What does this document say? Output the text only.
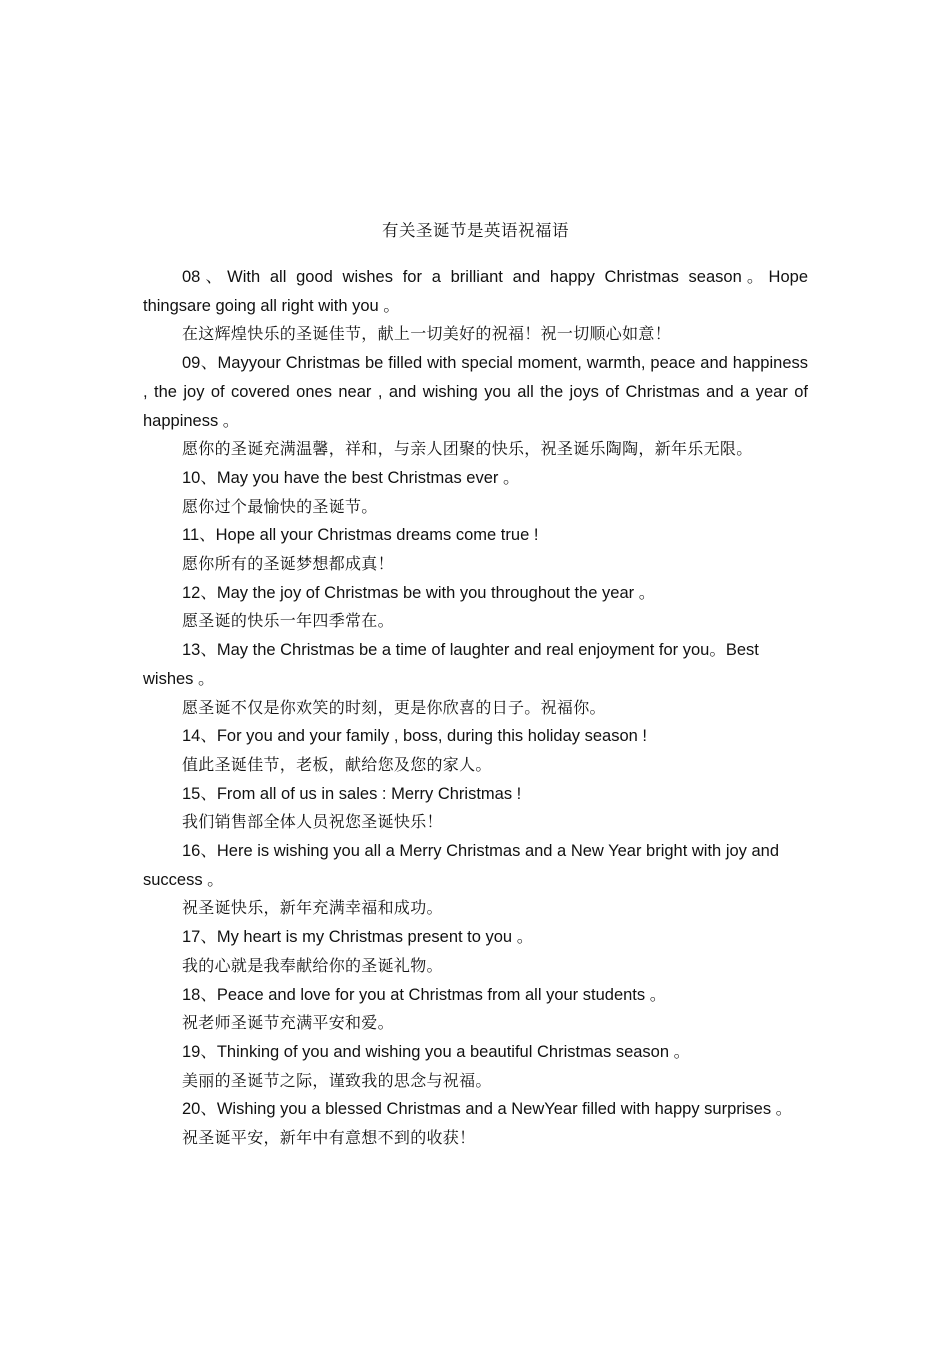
有关圣诞节是英语祝福语

08、With all good wishes for a brilliant and happy Christmas season。Hope thingsare going all right with you 。

在这辉煌快乐的圣诞佳节，献上一切美好的祝福！祝一切顺心如意！

09、Mayyour Christmas be filled with special moment, warmth, peace and happiness , the joy of covered ones near , and wishing you all the joys of Christmas and a year of happiness 。

愿你的圣诞充满温馨，祥和，与亲人团聚的快乐，祝圣诞乐陶陶，新年乐无限。

10、May you have the best Christmas ever 。

愿你过个最愉快的圣诞节。

11、Hope all your Christmas dreams come true !

愿你所有的圣诞梦想都成真！

12、May the joy of Christmas be with you throughout the year 。

愿圣诞的快乐一年四季常在。

13、May the Christmas be a time of laughter and real enjoyment for you。Best wishes 。

愿圣诞不仅是你欢笑的时刻，更是你欣喜的日子。祝福你。

14、For you and your family , boss, during this holiday season !

值此圣诞佳节，老板，献给您及您的家人。

15、From all of us in sales : Merry Christmas !

我们销售部全体人员祝您圣诞快乐！

16、Here is wishing you all a Merry Christmas and a New Year bright with joy and success 。

祝圣诞快乐，新年充满幸福和成功。

17、My heart is my Christmas present to you 。

我的心就是我奉献给你的圣诞礼物。

18、Peace and love for you at Christmas from all your students 。

祝老师圣诞节充满平安和爱。

19、Thinking of you and wishing you a beautiful Christmas season 。

美丽的圣诞节之际，谨致我的思念与祝福。

20、Wishing you a blessed Christmas and a NewYear filled with happy surprises 。

祝圣诞平安，新年中有意想不到的收获！
